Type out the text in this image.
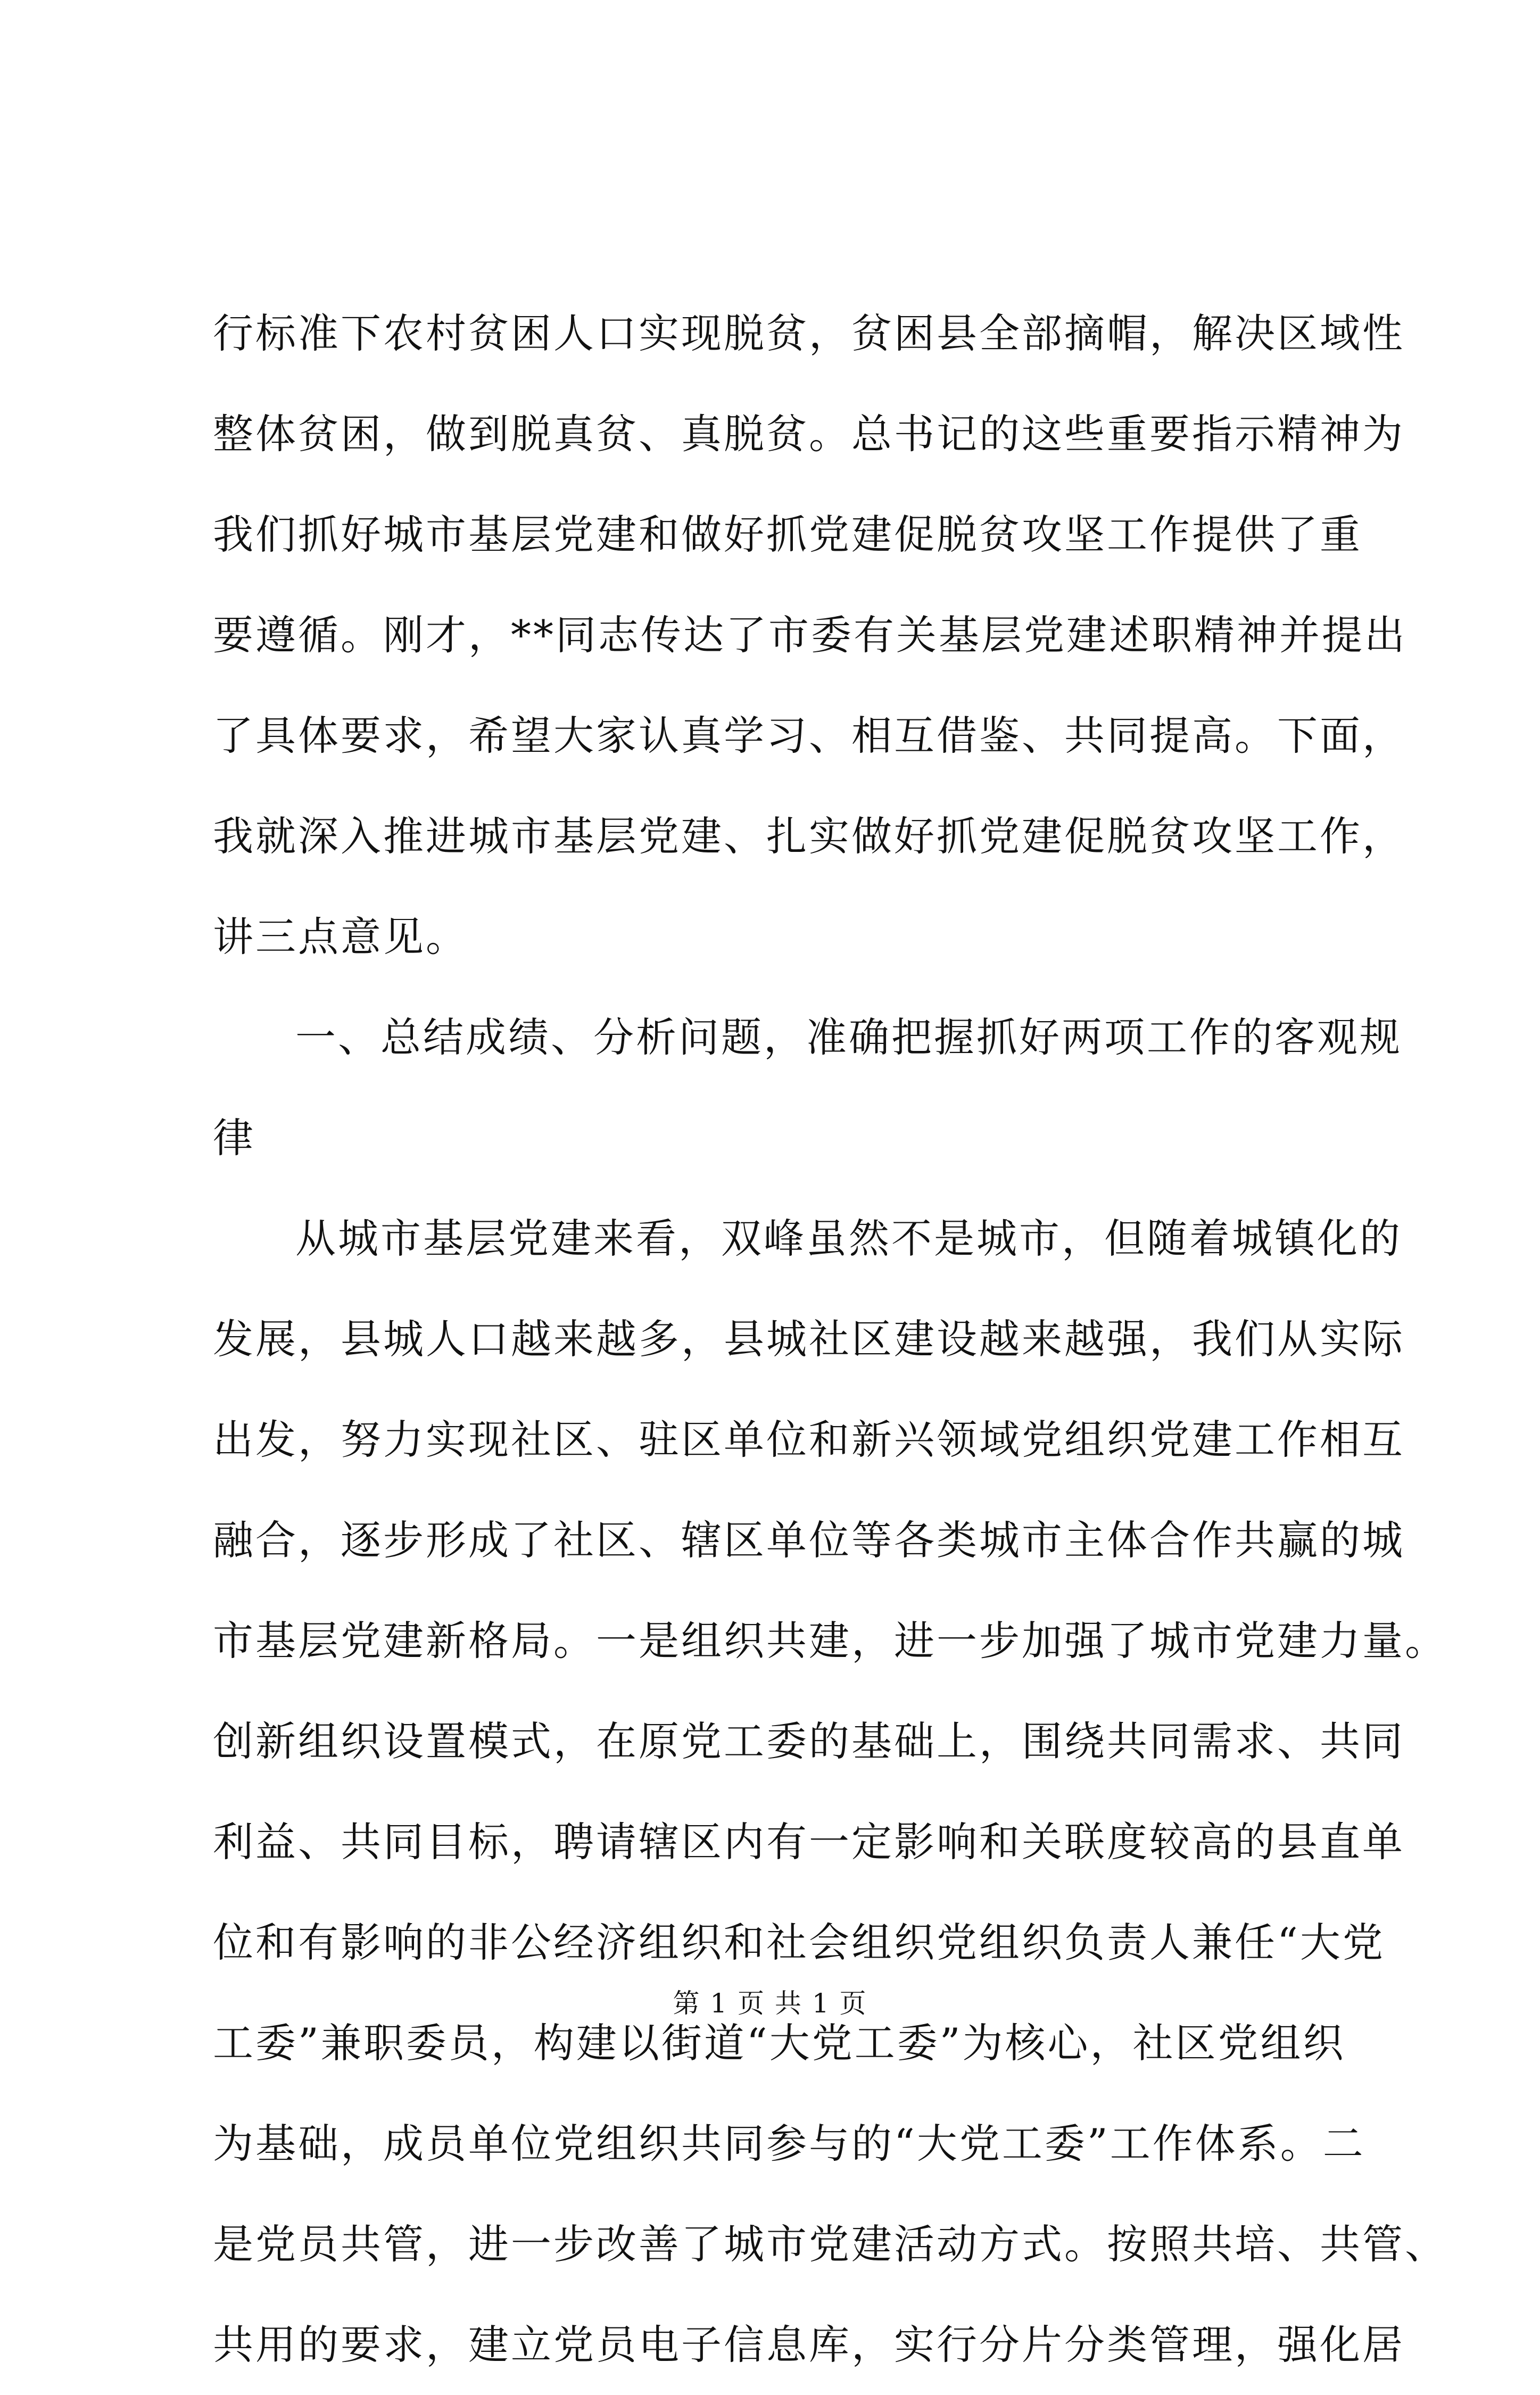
行标准下农村贫困人口实现脱贫，贫困县全部摘帽，解决区域性
整体贫困，做到脱真贫、真脱贫。总书记的这些重要指示精神为
我们抓好城市基层党建和做好抓党建促脱贫攻坚工作提供了重
要遵循。刚才，**同志传达了市委有关基层党建述职精神并提出
了具体要求，希望大家认真学习、相互借鉴、共同提高。下面，
我就深入推进城市基层党建、扎实做好抓党建促脱贫攻坚工作，
讲三点意见。
一、总结成绩、分析问题，准确把握抓好两项工作的客观规
律
从城市基层党建来看，双峰虽然不是城市，但随着城镇化的
发展，县城人口越来越多，县城社区建设越来越强，我们从实际
出发，努力实现社区、驻区单位和新兴领域党组织党建工作相互
融合，逐步形成了社区、辖区单位等各类城市主体合作共赢的城
市基层党建新格局。一是组织共建，进一步加强了城市党建力量。
创新组织设置模式，在原党工委的基础上，围绕共同需求、共同
利益、共同目标，聘请辖区内有一定影响和关联度较高的县直单
位和有影响的非公经济组织和社会组织党组织负责人兼任“大党
工委”兼职委员，构建以街道“大党工委”为核心，社区党组织
为基础，成员单位党组织共同参与的“大党工委”工作体系。二
是党员共管，进一步改善了城市党建活动方式。按照共培、共管、
共用的要求，建立党员电子信息库，实行分片分类管理，强化居
第 1 页 共 1 页
